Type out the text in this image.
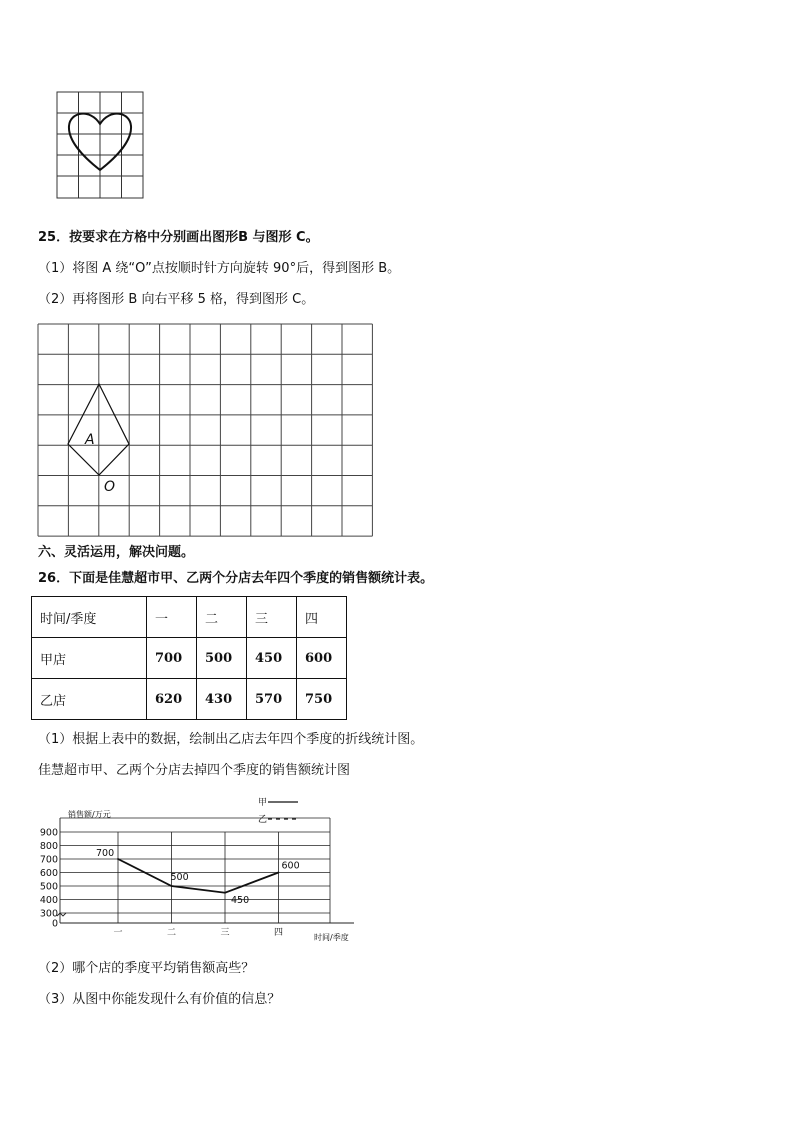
25．按要求在方格中分别画出图形B 与图形 C。
（1）将图 A 绕“O”点按顺时针方向旋转 90°后，得到图形 B。
（2）再将图形 B 向右平移 5 格，得到图形 C。
A
O
六、灵活运用，解决问题。
26．下面是佳慧超市甲、乙两个分店去年四个季度的销售额统计表。
时间/季度	一	二	三	四
甲店	700	500	450	600
乙店	620	430	570	750
（1）根据上表中的数据，绘制出乙店去年四个季度的折线统计图。
佳慧超市甲、乙两个分店去掉四个季度的销售额统计图
900
800
700
600
500
400
300
0
一	二	三	四
700
500
450
600
销售额/万元
时间/季度
甲
乙
（2）哪个店的季度平均销售额高些？
（3）从图中你能发现什么有价值的信息？
